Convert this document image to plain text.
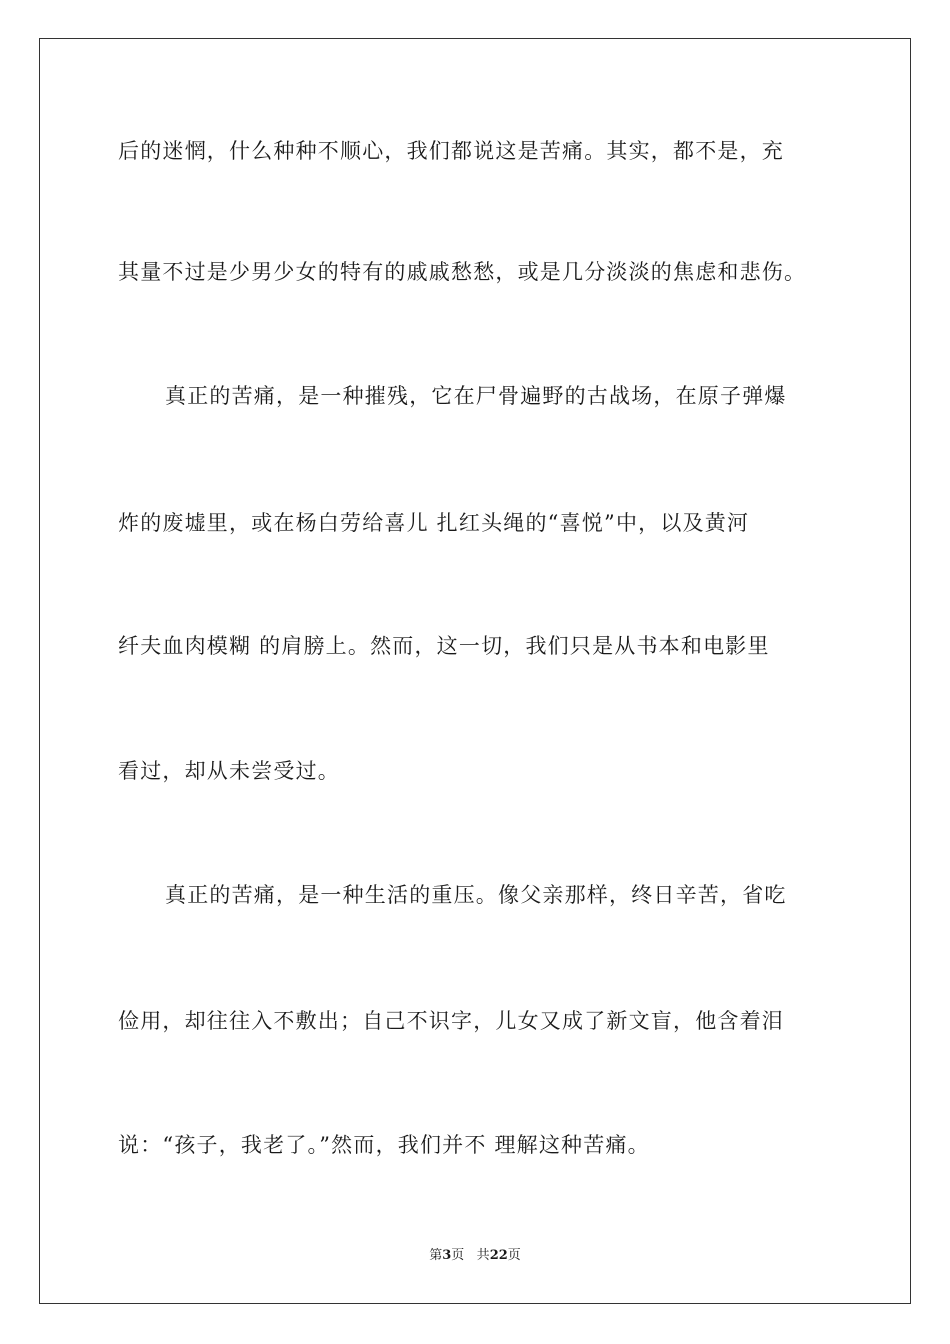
后的迷惘，什么种种不顺心，我们都说这是苦痛。其实，都不是，充
其量不过是少男少女的特有的戚戚愁愁，或是几分淡淡的焦虑和悲伤。
真正的苦痛，是一种摧残，它在尸骨遍野的古战场，在原子弹爆
炸的废墟里，或在杨白劳给喜儿 扎红头绳的“喜悦”中，以及黄河
纤夫血肉模糊 的肩膀上。然而，这一切，我们只是从书本和电影里
看过，却从未尝受过。
真正的苦痛，是一种生活的重压。像父亲那样，终日辛苦，省吃
俭用，却往往入不敷出；自己不识字，儿女又成了新文盲，他含着泪
说：“孩子，我老了。”然而，我们并不 理解这种苦痛。
第3页 共22页
